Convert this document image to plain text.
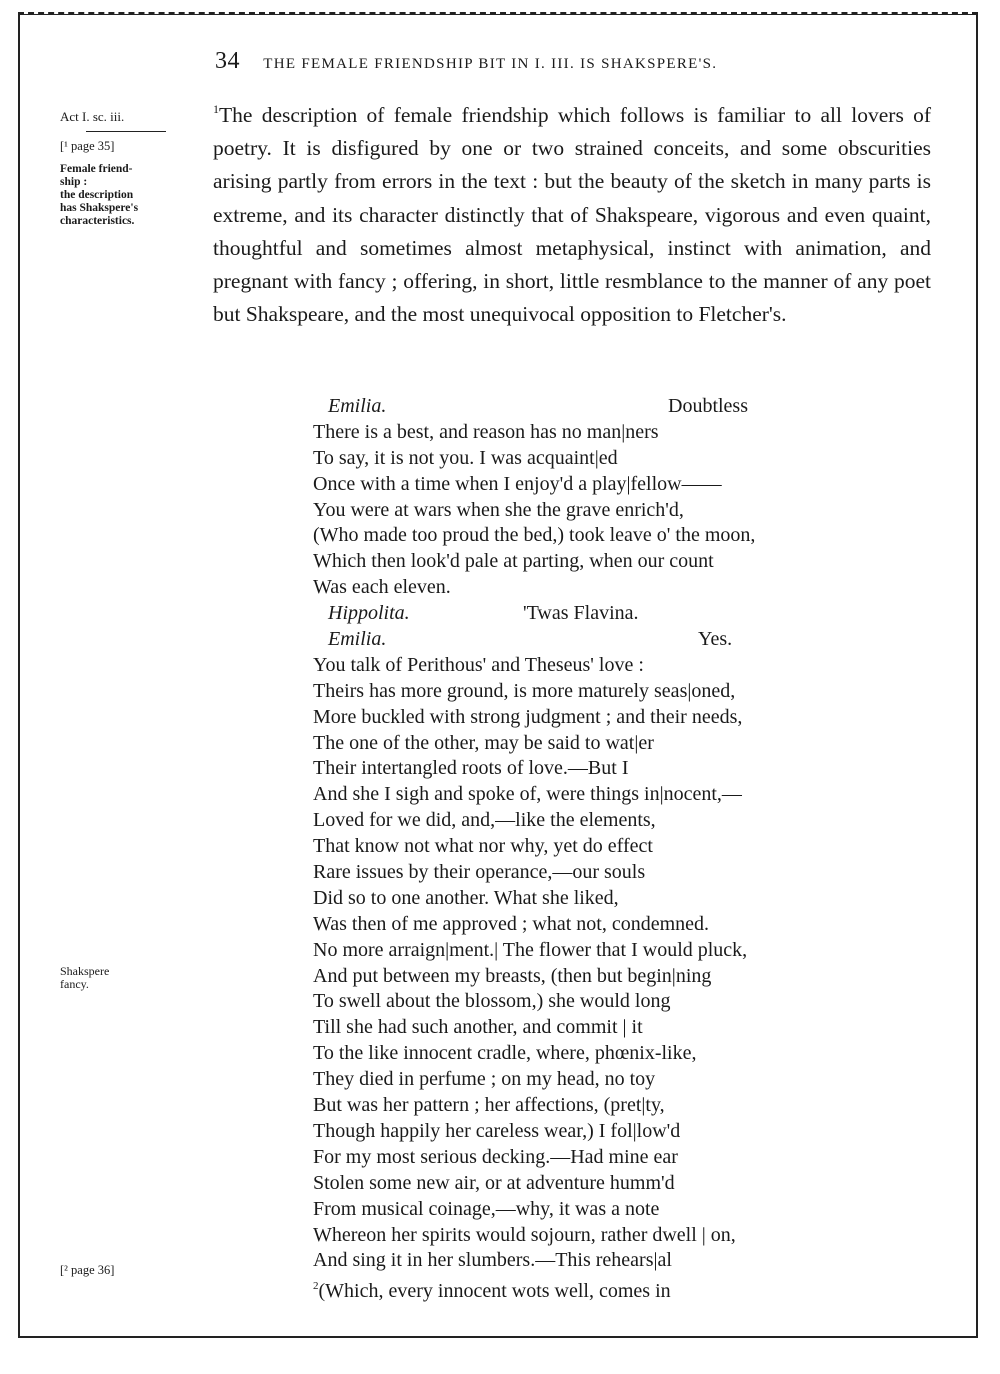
34 THE FEMALE FRIENDSHIP BIT IN I. III. IS SHAKSPERE'S.
Act I. sc. iii.
[¹ page 35]
Female friend-
ship :
the description
has Shakspere's
characteristics.
Shakspere
fancy.
[² page 36]
$^1$The description of female friendship which follows is familiar to all lovers of poetry. It is disfigured by one or two strained conceits, and some obscurities arising partly from errors in the text : but the beauty of the sketch in many parts is extreme, and its character distinctly that of Shakspeare, vigorous and even quaint, thoughtful and sometimes almost metaphysical, instinct with animation, and pregnant with fancy ; offering, in short, little resmblance to the manner of any poet but Shakspeare, and the most unequivocal opposition to Fletcher's.
Emilia.	Doubtless
There is a best, and reason has no man|ners
To say, it is not you. I was acquaint|ed
Once with a time when I enjoy'd a play|fellow——
You were at wars when she the grave enrich'd,
(Who made too proud the bed,) took leave o' the moon,
Which then look'd pale at parting, when our count
Was each eleven.
Hippolita.	'Twas Flavina.
Emilia.	Yes.
You talk of Perithous' and Theseus' love :
Theirs has more ground, is more maturely seas|oned,
More buckled with strong judgment ; and their needs,
The one of the other, may be said to wat|er
Their intertangled roots of love.—But I
And she I sigh and spoke of, were things in|nocent,—
Loved for we did, and,—like the elements,
That know not what nor why, yet do effect
Rare issues by their operance,—our souls
Did so to one another. What she liked,
Was then of me approved ; what not, condemned.
No more arraign|ment.| The flower that I would pluck,
And put between my breasts, (then but begin|ning
To swell about the blossom,) she would long
Till she had such another, and commit | it
To the like innocent cradle, where, phœnix-like,
They died in perfume ; on my head, no toy
But was her pattern ; her affections, (pret|ty,
Though happily her careless wear,) I fol|low'd
For my most serious decking.—Had mine ear
Stolen some new air, or at adventure humm'd
From musical coinage,—why, it was a note
Whereon her spirits would sojourn, rather dwell | on,
And sing it in her slumbers.—This rehears|al
$^2$(Which, every innocent wots well, comes in
